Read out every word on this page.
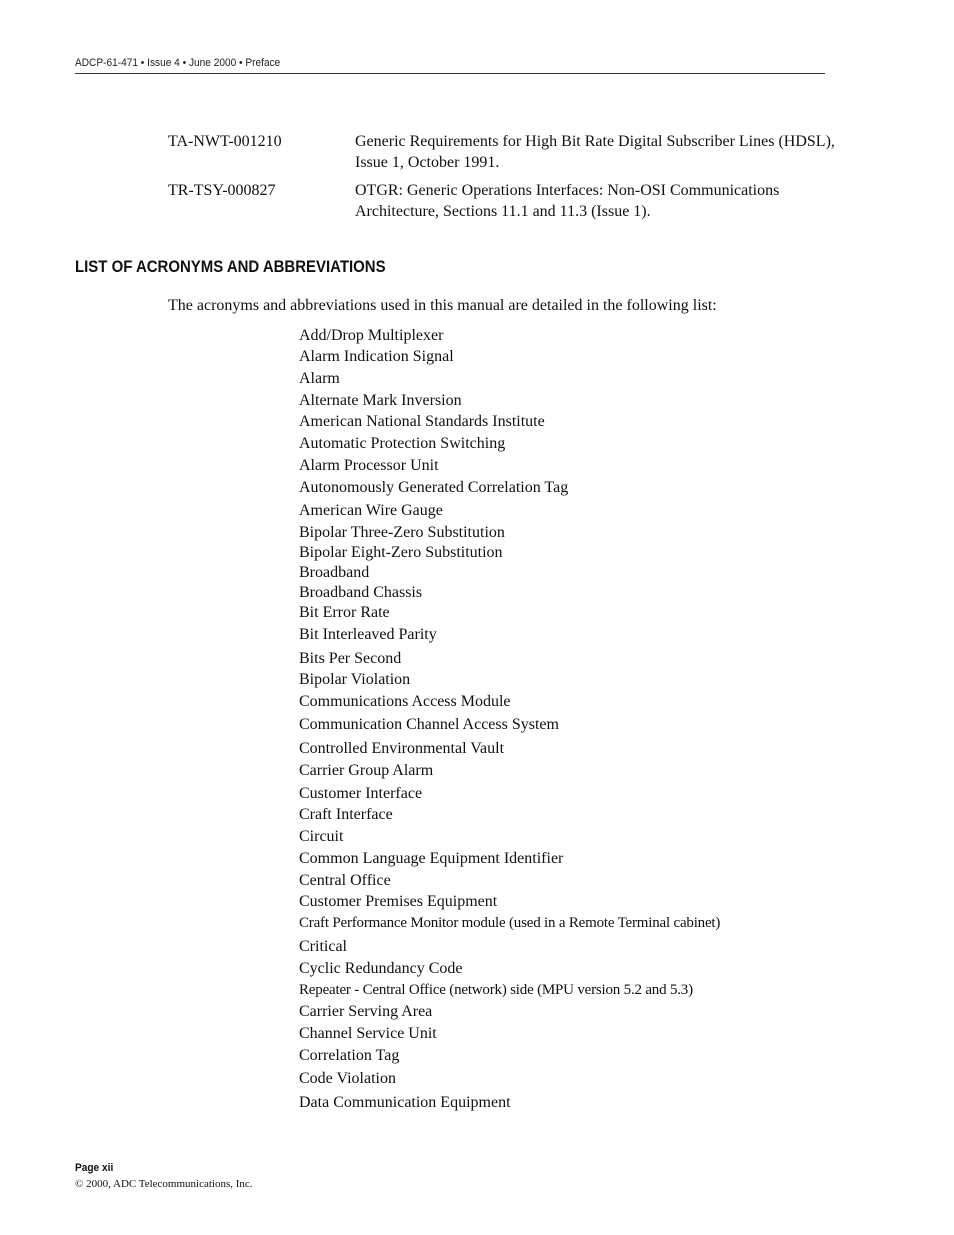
ADCP-61-471 • Issue 4 • June 2000 • Preface
TA-NWT-001210	Generic Requirements for High Bit Rate Digital Subscriber Lines (HDSL), Issue 1, October 1991.
TR-TSY-000827	OTGR: Generic Operations Interfaces: Non-OSI Communications Architecture, Sections 11.1 and 11.3 (Issue 1).
LIST OF ACRONYMS AND ABBREVIATIONS
The acronyms and abbreviations used in this manual are detailed in the following list:
Add/Drop Multiplexer
Alarm Indication Signal
Alarm
Alternate Mark Inversion
American National Standards Institute
Automatic Protection Switching
Alarm Processor Unit
Autonomously Generated Correlation Tag
American Wire Gauge
Bipolar Three-Zero Substitution
Bipolar Eight-Zero Substitution
Broadband
Broadband Chassis
Bit Error Rate
Bit Interleaved Parity
Bits Per Second
Bipolar Violation
Communications Access Module
Communication Channel Access System
Controlled Environmental Vault
Carrier Group Alarm
Customer Interface
Craft Interface
Circuit
Common Language Equipment Identifier
Central Office
Customer Premises Equipment
Craft Performance Monitor module (used in a Remote Terminal cabinet)
Critical
Cyclic Redundancy Code
Repeater - Central Office (network) side (MPU version 5.2 and 5.3)
Carrier Serving Area
Channel Service Unit
Correlation Tag
Code Violation
Data Communication Equipment
Page xii
© 2000, ADC Telecommunications, Inc.
